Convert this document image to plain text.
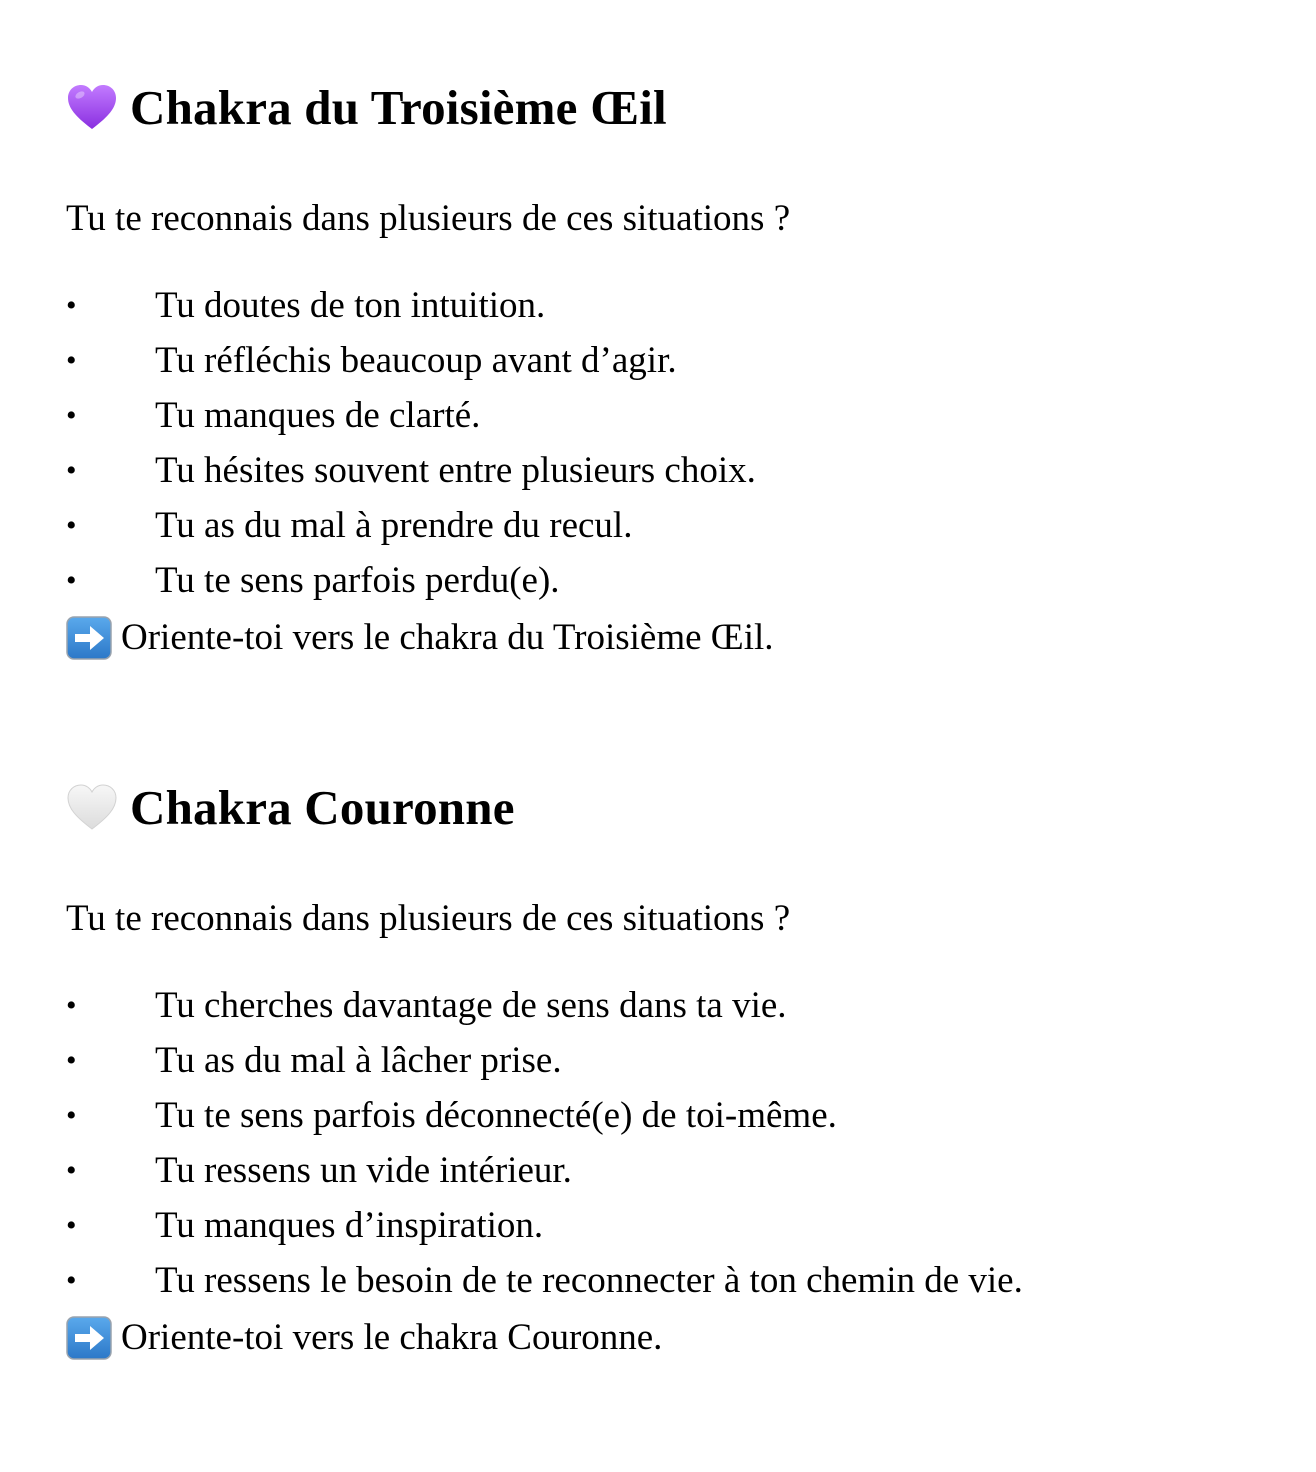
Chakra du Troisième Œil

Tu te reconnais dans plusieurs de ces situations ?

• Tu doutes de ton intuition.
• Tu réfléchis beaucoup avant d’agir.
• Tu manques de clarté.
• Tu hésites souvent entre plusieurs choix.
• Tu as du mal à prendre du recul.
• Tu te sens parfois perdu(e).
Oriente-toi vers le chakra du Troisième Œil.
Chakra Couronne

Tu te reconnais dans plusieurs de ces situations ?

• Tu cherches davantage de sens dans ta vie.
• Tu as du mal à lâcher prise.
• Tu te sens parfois déconnecté(e) de toi-même.
• Tu ressens un vide intérieur.
• Tu manques d’inspiration.
• Tu ressens le besoin de te reconnecter à ton chemin de vie.
Oriente-toi vers le chakra Couronne.
